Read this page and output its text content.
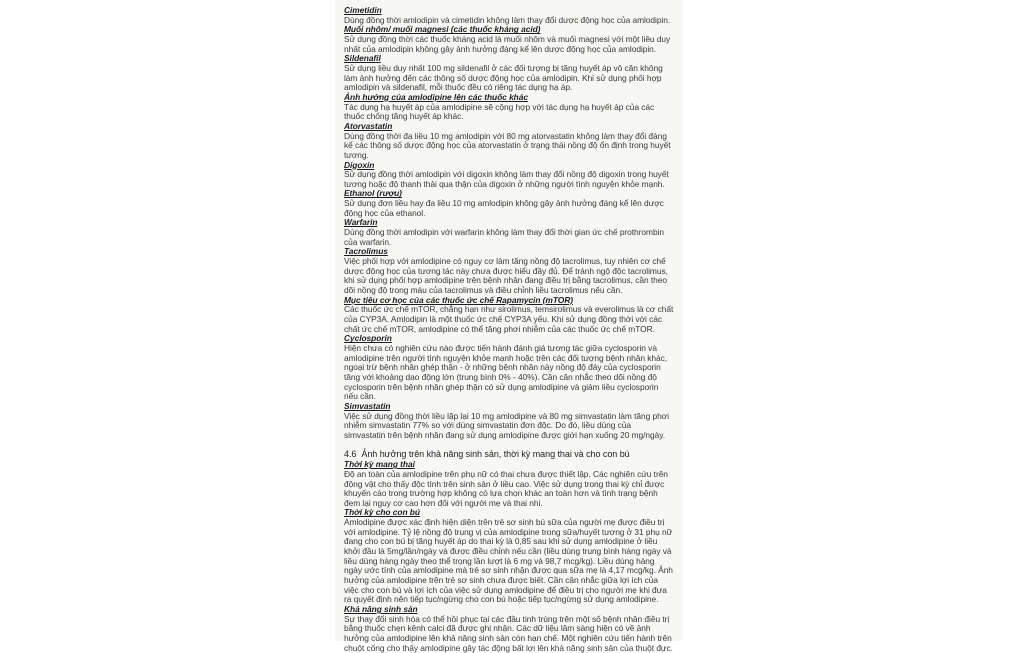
Cimetidin
Dùng đồng thời amlodipin và cimetidin không làm thay đổi dược động học của amlodipin.
Muối nhôm/ muối magnesi (các thuốc kháng acid)
Sử dụng đồng thời các thuốc kháng acid là muối nhôm và muối magnesi với một liều duy nhất của amlodipin không gây ảnh hưởng đáng kể lên dược động học của amlodipin.
Sildenafil
Sử dụng liều duy nhất 100 mg sildenafil ở các đối tượng bị tăng huyết áp vô căn không làm ảnh hưởng đến các thông số dược động học của amlodipin. Khi sử dụng phối hợp amlodipin và sildenafil, mỗi thuốc đều có riêng tác dụng hạ áp.
Ảnh hưởng của amlodipine lên các thuốc khác
Tác dụng hạ huyết áp của amlodipine sẽ cộng hợp với tác dụng hạ huyết áp của các thuốc chống tăng huyết áp khác.
Atorvastatin
Dùng đồng thời đa liều 10 mg amlodipin với 80 mg atorvastatin không làm thay đổi đáng kể các thông số dược động học của atorvastatin ở trạng thái nồng độ ổn định trong huyết tương.
Digoxin
Sử dụng đồng thời amlodipin với digoxin không làm thay đổi nồng độ digoxin trong huyết tương hoặc độ thanh thải qua thận của digoxin ở những người tình nguyện khỏe mạnh.
Ethanol (rượu)
Sử dụng đơn liều hay đa liều 10 mg amlodipin không gây ảnh hưởng đáng kể lên dược động học của ethanol.
Warfarin
Dùng đồng thời amlodipin với warfarin không làm thay đổi thời gian ức chế prothrombin của warfarin.
Tacrolimus
Việc phối hợp với amlodipine có nguy cơ làm tăng nồng độ tacrolimus, tuy nhiên cơ chế dược động học của tương tác này chưa được hiểu đầy đủ. Để tránh ngộ độc tacrolimus, khi sử dụng phối hợp amlodipine trên bệnh nhân đang điều trị bằng tacrolimus, cần theo dõi nồng độ trong máu của tacrolimus và điều chỉnh liều tacrolimus nếu cần.
Mục tiêu cơ học của các thuốc ức chế Rapamycin (mTOR)
Các thuốc ức chế mTOR, chẳng hạn như sirolimus, temsirolimus và everolimus là cơ chất của CYP3A. Amlodipin là một thuốc ức chế CYP3A yếu. Khi sử dụng đồng thời với các chất ức chế mTOR, amlodipine có thể tăng phơi nhiễm của các thuốc ức chế mTOR.
Cyclosporin
Hiện chưa có nghiên cứu nào được tiến hành đánh giá tương tác giữa cyclosporin và amlodipine trên người tình nguyện khỏe mạnh hoặc trên các đối tượng bệnh nhân khác, ngoại trừ bệnh nhân ghép thận - ở những bệnh nhân này nồng độ đáy của cyclosporin tăng với khoảng dao động lớn (trung bình 0% - 40%). Cần cân nhắc theo dõi nồng độ cyclosporin trên bệnh nhân ghép thận có sử dụng amlodipine và giảm liều cyclosporin nếu cần.
Simvastatin
Việc sử dụng đồng thời liều lặp lại 10 mg amlodipine và 80 mg simvastatin làm tăng phơi nhiễm simvastatin 77% so với dùng simvastatin đơn độc. Do đó, liều dùng của simvastatin trên bệnh nhân đang sử dụng amlodipine được giới hạn xuống 20 mg/ngày.
4.6 Ảnh hưởng trên khả năng sinh sản, thời kỳ mang thai và cho con bú
Thời kỳ mang thai
Độ an toàn của amlodipine trên phụ nữ có thai chưa được thiết lập. Các nghiên cứu trên động vật cho thấy độc tính trên sinh sản ở liều cao. Việc sử dụng trong thai kỳ chỉ được khuyến cáo trong trường hợp không có lựa chọn khác an toàn hơn và tình trạng bệnh đem lại nguy cơ cao hơn đối với người mẹ và thai nhi.
Thời kỳ cho con bú
Amlodipine được xác định hiện diện trên trẻ sơ sinh bú sữa của người mẹ được điều trị với amlodipine. Tỷ lệ nồng độ trung vị của amlodipine trong sữa/huyết tương ở 31 phụ nữ đang cho con bú bị tăng huyết áp do thai kỳ là 0,85 sau khi sử dụng amlodipine ở liều khởi đầu là 5mg/lần/ngày và được điều chỉnh nếu cần (liều dùng trung bình hàng ngày và liều dùng hàng ngày theo thể trọng lần lượt là 6 mg và 98,7 mcg/kg). Liều dùng hàng ngày ước tính của amlodipine mà trẻ sơ sinh nhận được qua sữa mẹ là 4,17 mcg/kg. Ảnh hưởng của amlodipine trên trẻ sơ sinh chưa được biết. Cần cân nhắc giữa lợi ích của việc cho con bú và lợi ích của việc sử dụng amlodipine để điều trị cho người mẹ khi đưa ra quyết định nên tiếp tục/ngừng cho con bú hoặc tiếp tục/ngừng sử dụng amlodipine.
Khả năng sinh sản
Sự thay đổi sinh hóa có thể hồi phục tại các đầu tinh trùng trên một số bệnh nhân điều trị bằng thuốc chẹn kênh calci đã được ghi nhận. Các dữ liệu lâm sàng hiện có về ảnh hưởng của amlodipine lên khả năng sinh sản còn hạn chế. Một nghiên cứu tiến hành trên chuột cống cho thấy amlodipine gây tác động bất lợi lên khả năng sinh sản của thuột đực.
